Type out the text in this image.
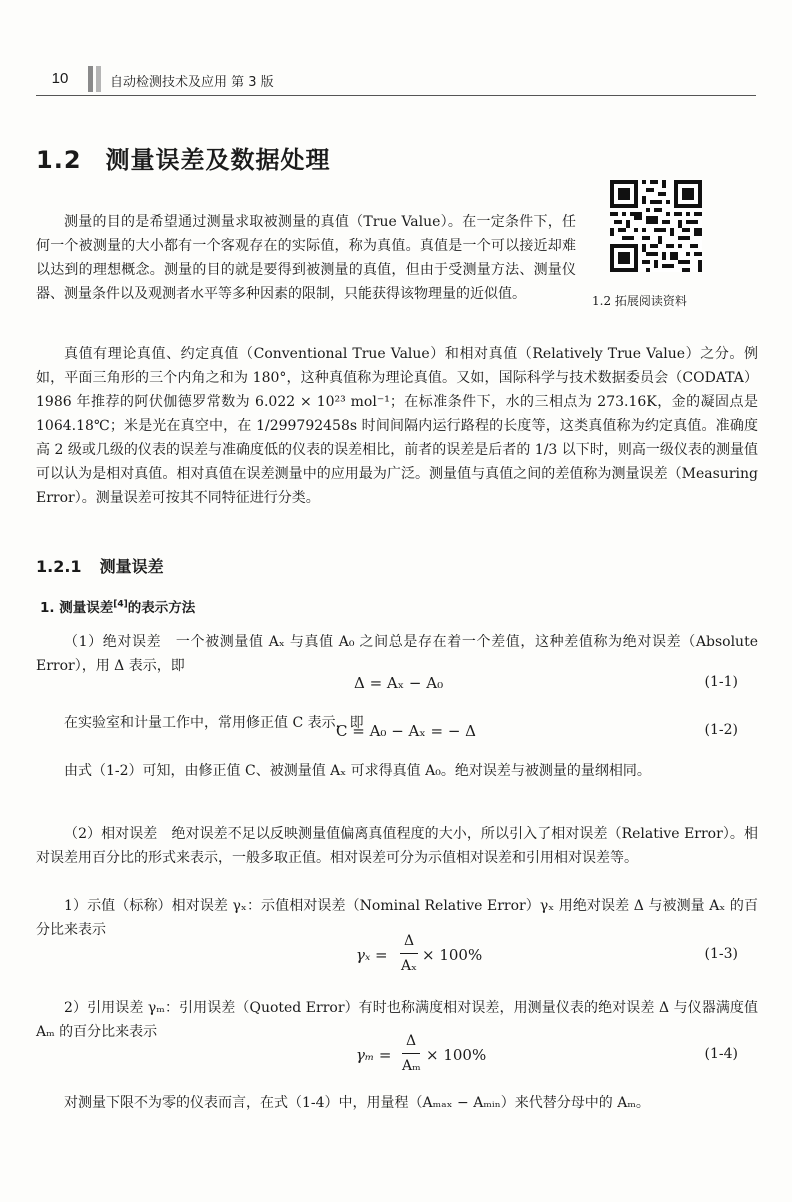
10	自动检测技术及应用 第 3 版
1.2 测量误差及数据处理
1.2 拓展阅读资料

测量的目的是希望通过测量求取被测量的真值（True Value）。在一定条件下，任何一个被测量的大小都有一个客观存在的实际值，称为真值。真值是一个可以接近却难以达到的理想概念。测量的目的就是要得到被测量的真值，但由于受测量方法、测量仪器、测量条件以及观测者水平等多种因素的限制，只能获得该物理量的近似值。

真值有理论真值、约定真值（Conventional True Value）和相对真值（Relatively True Value）之分。例如，平面三角形的三个内角之和为 180°，这种真值称为理论真值。又如，国际科学与技术数据委员会（CODATA）1986 年推荐的阿伏伽德罗常数为 6.022 × 10²³ mol⁻¹；在标准条件下，水的三相点为 273.16K，金的凝固点是 1064.18℃；米是光在真空中，在 1/299792458s 时间间隔内运行路程的长度等，这类真值称为约定真值。准确度高 2 级或几级的仪表的误差与准确度低的仪表的误差相比，前者的误差是后者的 1/3 以下时，则高一级仪表的测量值可以认为是相对真值。相对真值在误差测量中的应用最为广泛。测量值与真值之间的差值称为测量误差（Measuring Error）。测量误差可按其不同特征进行分类。

1.2.1 测量误差
1. 测量误差[4]的表示方法

（1）绝对误差　一个被测量值 Aₓ 与真值 A₀ 之间总是存在着一个差值，这种差值称为绝对误差（Absolute Error），用 Δ 表示，即

Δ = Aₓ − A₀	(1-1)

在实验室和计量工作中，常用修正值 C 表示，即

C = A₀ − Aₓ = − Δ	(1-2)

由式（1-2）可知，由修正值 C、被测量值 Aₓ 可求得真值 A₀。绝对误差与被测量的量纲相同。

（2）相对误差　绝对误差不足以反映测量值偏离真值程度的大小，所以引入了相对误差（Relative Error）。相对误差用百分比的形式来表示，一般多取正值。相对误差可分为示值相对误差和引用相对误差等。

1）示值（标称）相对误差 γₓ：示值相对误差（Nominal Relative Error）γₓ 用绝对误差 Δ 与被测量 Aₓ 的百分比来表示

γₓ =
Δ
Aₓ
× 100%	(1-3)

2）引用误差 γₘ：引用误差（Quoted Error）有时也称满度相对误差，用测量仪表的绝对误差 Δ 与仪器满度值 Aₘ 的百分比来表示

γₘ =
Δ
Aₘ
× 100%	(1-4)

对测量下限不为零的仪表而言，在式（1-4）中，用量程（Aₘₐₓ − Aₘᵢₙ）来代替分母中的 Aₘ。
